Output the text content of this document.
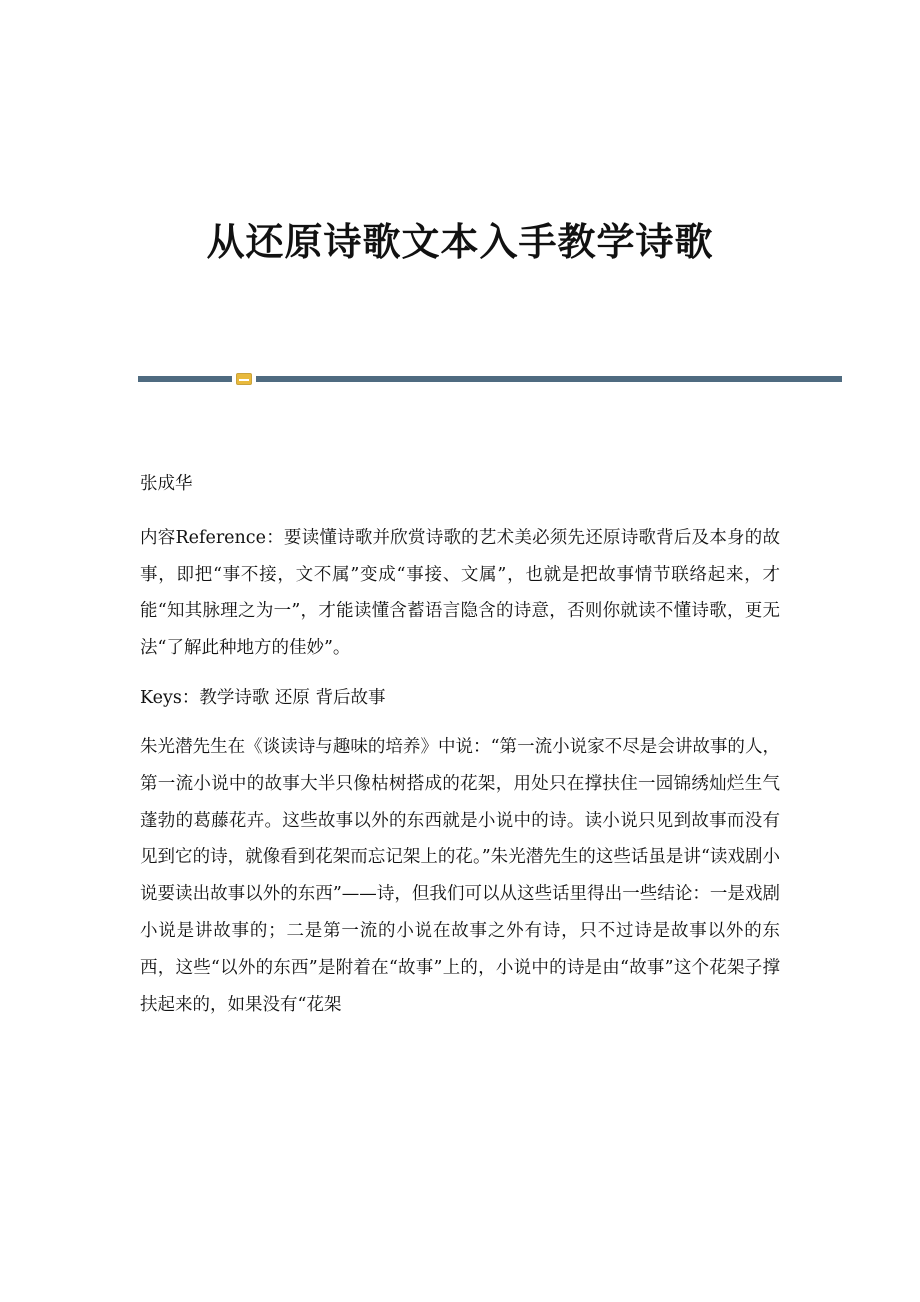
从还原诗歌文本入手教学诗歌

张成华

内容Reference：要读懂诗歌并欣赏诗歌的艺术美必须先还原诗歌背后及本身的故事，即把“事不接，文不属”变成“事接、文属”，也就是把故事情节联络起来，才能“知其脉理之为一”，才能读懂含蓄语言隐含的诗意，否则你就读不懂诗歌，更无法“了解此种地方的佳妙”。

Keys：教学诗歌 还原 背后故事

朱光潜先生在《谈读诗与趣味的培养》中说：“第一流小说家不尽是会讲故事的人，第一流小说中的故事大半只像枯树搭成的花架，用处只在撑扶住一园锦绣灿烂生气蓬勃的葛藤花卉。这些故事以外的东西就是小说中的诗。读小说只见到故事而没有见到它的诗，就像看到花架而忘记架上的花。”朱光潜先生的这些话虽是讲“读戏剧小说要读出故事以外的东西”——诗，但我们可以从这些话里得出一些结论：一是戏剧小说是讲故事的；二是第一流的小说在故事之外有诗，只不过诗是故事以外的东西，这些“以外的东西”是附着在“故事”上的，小说中的诗是由“故事”这个花架子撑扶起来的，如果没有“花架
